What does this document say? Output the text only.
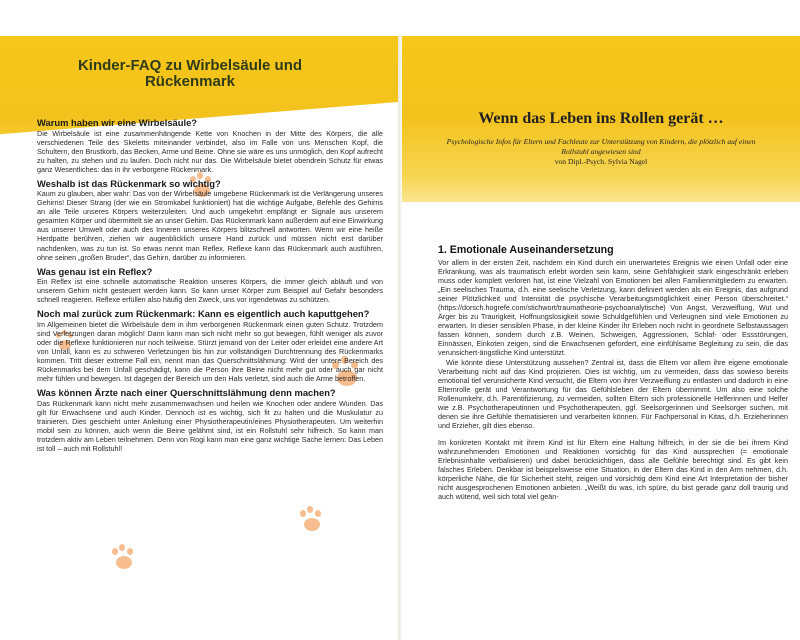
Kinder-FAQ zu Wirbelsäule und Rückenmark
Warum haben wir eine Wirbelsäule?

Die Wirbelsäule ist eine zusammenhängende Kette von Knochen in der Mitte des Körpers, die alle verschiedenen Teile des Skeletts miteinander verbindet, also im Falle von uns Menschen Kopf, die Schultern, den Brustkorb, das Becken, Arme und Beine. Ohne sie wäre es uns unmöglich, den Kopf aufrecht zu halten, zu stehen und zu laufen. Doch nicht nur das. Die Wirbelsäule bietet obendrein Schutz für etwas ganz Wesentliches: das in ihr verborgene Rückenmark.

Weshalb ist das Rückenmark so wichtig?

Kaum zu glauben, aber wahr: Das von der Wirbelsäule umgebene Rückenmark ist die Verlängerung unseres Gehirns! Dieser Strang (der wie ein Stromkabel funktioniert) hat die wichtige Aufgabe, Befehle des Gehirns an alle Teile unseres Körpers weiterzuleiten. Und auch umgekehrt empfängt er Signale aus unserem gesamten Körper und übermittelt sie an unser Gehirn. Das Rückenmark kann außerdem auf eine Einwirkung aus unserer Umwelt oder auch des Inneren unseres Körpers blitzschnell antworten. Wenn wir eine heiße Herdpatte berühren, ziehen wir augenblicklich unsere Hand zurück und müssen nicht erst darüber nachdenken, was zu tun ist. So etwas nennt man Reflex. Reflexe kann das Rückenmark auch ausführen, ohne seinen „großen Bruder“, das Gehirn, darüber zu informieren.

Was genau ist ein Reflex?

Ein Reflex ist eine schnelle automatische Reaktion unseres Körpers, die immer gleich abläuft und von unserem Gehirn nicht gesteuert werden kann. So kann unser Körper zum Beispiel auf Gefahr besonders schnell reagieren. Reflexe erfüllen also häufig den Zweck, uns vor irgendetwas zu schützen.

Noch mal zurück zum Rückenmark: Kann es eigentlich auch kaputtgehen?

Im Allgemeinen bietet die Wirbelsäule dem in ihm verborgenen Rückenmark einen guten Schutz. Trotzdem sind Verletzungen daran möglich! Dann kann man sich nicht mehr so gut bewegen, fühlt weniger als zuvor oder die Reflexe funktionieren nur noch teilweise. Stürzt jemand von der Leiter oder erleidet eine andere Art von Unfall, kann es zu schweren Verletzungen bis hin zur vollständigen Durchtrennung des Rückenmarks kommen. Tritt dieser extreme Fall ein, nennt man das Querschnittslähmung: Wird der untere Bereich des Rückenmarks bei dem Unfall geschädigt, kann die Person ihre Beine nicht mehr gut oder auch gar nicht mehr fühlen und bewegen. Ist dagegen der Bereich um den Hals verletzt, sind auch die Arme betroffen.

Was können Ärzte nach einer Querschnittslähmung denn machen?

Das Rückenmark kann nicht mehr zusammenwachsen und heilen wie Knochen oder andere Wunden. Das gilt für Erwachsene und auch Kinder. Dennoch ist es wichtig, sich fit zu halten und die Muskulatur zu trainieren. Dies geschieht unter Anleitung einer Physiotherapeutin/eines Physiotherapeuten. Um weiterhin mobil sein zu können, auch wenn die Beine gelähmt sind, ist ein Rollstuhl sehr hilfreich. So kann man trotzdem aktiv am Leben teilnehmen. Denn von Rogi kann man eine ganz wichtige Sache lernen: Das Leben ist toll – auch mit Rollstuhl!

Wenn das Leben ins Rollen gerät …
Psychologische Infos für Eltern und Fachleute zur Unterstützung von Kindern, die plötzlich auf einen Rollstuhl angewiesen sind
von Dipl.-Psych. Sylvia Nagel
1. Emotionale Auseinandersetzung

Vor allem in der ersten Zeit, nachdem ein Kind durch ein unerwartetes Ereignis wie einen Unfall oder eine Erkrankung, was als traumatisch erlebt worden sein kann, seine Gehfähigkeit stark eingeschränkt erleben muss oder komplett verloren hat, ist eine Vielzahl von Emotionen bei allen Familienmitgliedern zu erwarten. „Ein seelisches Trauma, d.h. eine seelische Verletzung, kann definiert werden als ein Ereignis, das aufgrund seiner Plötzlichkeit und Intensität die psychische Verarbeitungsmöglichkeit einer Person überschreitet.“ (https://dorsch.hogrefe.com/stichwort/traumatheorie-psychoanalytische) Von Angst, Verzweiflung, Wut und Ärger bis zu Traurigkeit, Hoffnungslosigkeit sowie Schuldgefühlen und Verleugnen sind viele Emotionen zu erwarten. In dieser sensiblen Phase, in der kleine Kinder ihr Erleben noch nicht in geordnete Selbstaussagen fassen können, sondern durch z.B. Weinen, Schweigen, Aggressionen, Schlaf- oder Essstörungen, Einnässen, Einkoten zeigen, sind die Erwachsenen gefordert, eine einfühlsame Begleitung zu sein, die das verunsichert-ängstliche Kind unterstützt.

Wie könnte diese Unterstützung aussehen? Zentral ist, dass die Eltern vor allem ihre eigene emotionale Verarbeitung nicht auf das Kind projizieren. Dies ist wichtig, um zu vermeiden, dass das sowieso bereits emotional tief verunsicherte Kind versucht, die Eltern von ihrer Verzweiflung zu entlasten und dadurch in eine Elternrolle gerät und Verantwortung für das Gefühlsleben der Eltern übernimmt. Um also eine solche Rollenumkehr, d.h. Parentifizierung, zu vermeiden, sollten Eltern sich professionelle Helferinnen und Helfer wie z.B. Psychotherapeutinnen und Psychotherapeuten, ggf. Seelsorgerinnen und Seelsorger suchen, mit denen sie ihre Gefühle thematisieren und verarbeiten können. Für Fachpersonal in Kitas, d.h. Erzieherinnen und Erzieher, gilt dies ebenso.

Im konkreten Kontakt mit ihrem Kind ist für Eltern eine Haltung hilfreich, in der sie die bei ihrem Kind wahrzunehmenden Emotionen und Reaktionen vorsichtig für das Kind aussprechen (= emotionale Erlebnisinhalte verbalisieren) und dabei berücksichtigen, dass alle Gefühle berechtigt sind. Es gibt kein falsches Erleben. Denkbar ist beispielsweise eine Situation, in der Eltern das Kind in den Arm nehmen, d.h. körperliche Nähe, die für Sicherheit steht, zeigen und vorsichtig dem Kind eine Art Interpretation der bisher nicht ausgesprochenen Emotionen anbieten. „Weißt du was, ich spüre, du bist gerade ganz doll traurig und auch wütend, weil sich total viel geän-
